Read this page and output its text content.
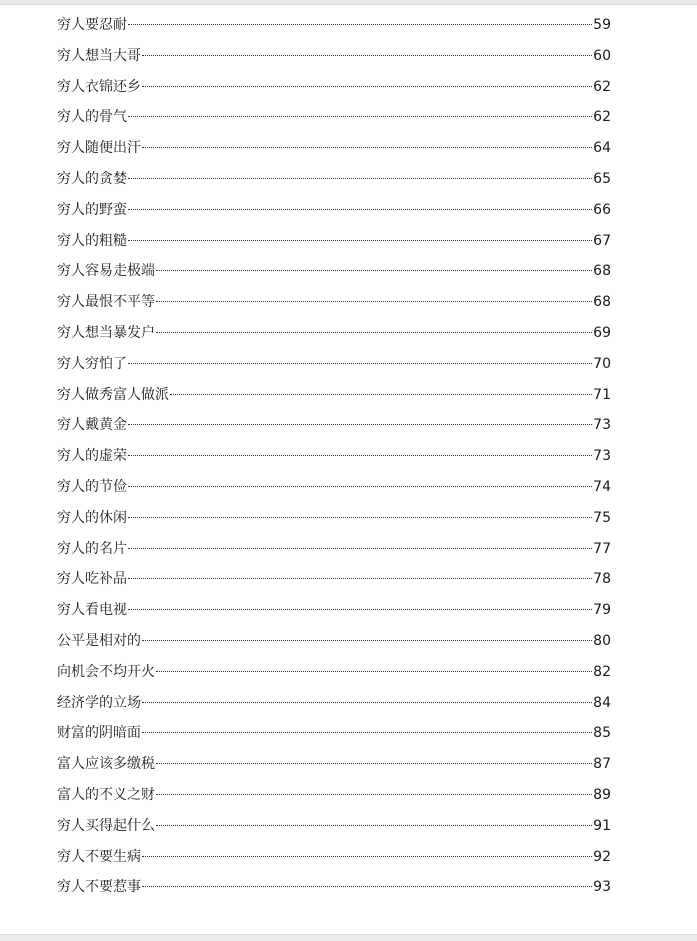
穷人要忍耐	59
穷人想当大哥	60
穷人衣锦还乡	62
穷人的骨气	62
穷人随便出汗	64
穷人的贪婪	65
穷人的野蛮	66
穷人的粗糙	67
穷人容易走极端	68
穷人最恨不平等	68
穷人想当暴发户	69
穷人穷怕了	70
穷人做秀富人做派	71
穷人戴黄金	73
穷人的虚荣	73
穷人的节俭	74
穷人的休闲	75
穷人的名片	77
穷人吃补品	78
穷人看电视	79
公平是相对的	80
向机会不均开火	82
经济学的立场	84
财富的阴暗面	85
富人应该多缴税	87
富人的不义之财	89
穷人买得起什么	91
穷人不要生病	92
穷人不要惹事	93
